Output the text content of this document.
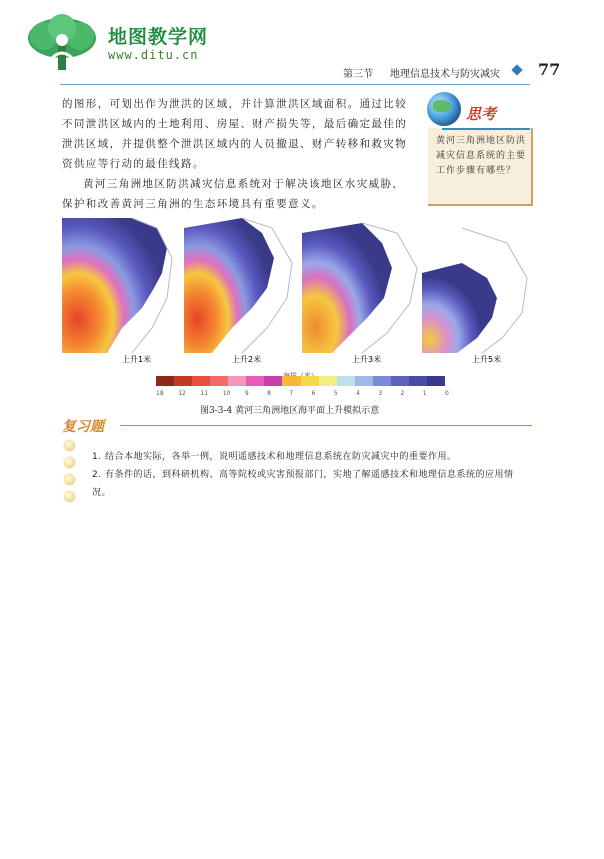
地图教学网
www.ditu.cn
第三节 地理信息技术与防灾减灾 77

的图形，可划出作为泄洪的区域，并计算泄洪区域面积。通过比较不同泄洪区域内的土地利用、房屋、财产损失等，最后确定最佳的泄洪区域，并提供整个泄洪区域内的人员撤退、财产转移和救灾物资供应等行动的最佳线路。

黄河三角洲地区防洪减灾信息系统对于解决该地区水灾威胁，保护和改善黄河三角洲的生态环境具有重要意义。

思考
黄河三角洲地区防洪减灾信息系统的主要工作步骤有哪些？
上升1米	上升2米	上升3米	上升5米
18 12 11 10 9	8	7	6	5	4	3	2	1	0
图3-3-4 黄河三角洲地区海平面上升模拟示意
复习题

1. 结合本地实际，各举一例，说明遥感技术和地理信息系统在防灾减灾中的重要作用。

2. 有条件的话，到科研机构、高等院校或灾害预报部门，实地了解遥感技术和地理信息系统的应用情况。
